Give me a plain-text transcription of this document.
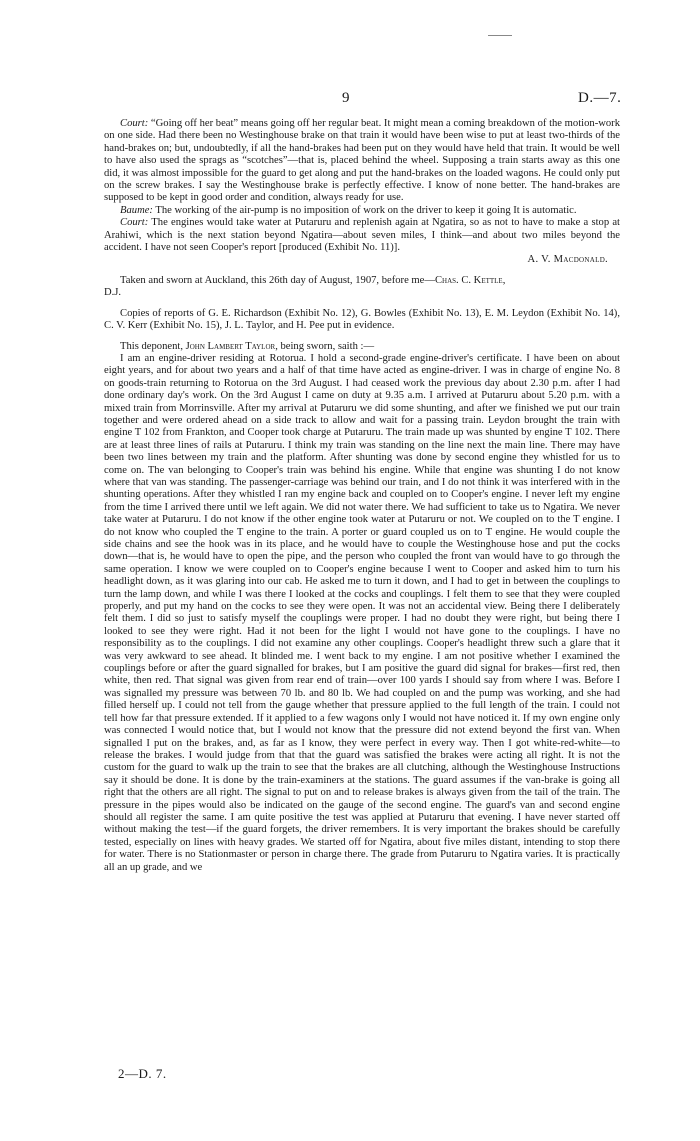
9	D.—7.

Court: “Going off her beat” means going off her regular beat. It might mean a coming breakdown of the motion-work on one side. Had there been no Westinghouse brake on that train it would have been wise to put at least two-thirds of the hand-brakes on; but, undoubtedly, if all the hand-brakes had been put on they would have held that train. It would be well to have also used the sprags as “scotches”—that is, placed behind the wheel. Supposing a train starts away as this one did, it was almost impossible for the guard to get along and put the hand-brakes on the loaded wagons. He could only put on the screw brakes. I say the Westinghouse brake is perfectly effective. I know of none better. The hand-brakes are supposed to be kept in good order and condition, always ready for use.

Baume: The working of the air-pump is no imposition of work on the driver to keep it going It is automatic.

Court: The engines would take water at Putaruru and replenish again at Ngatira, so as not to have to make a stop at Arahiwi, which is the next station beyond Ngatira—about seven miles, I think—and about two miles beyond the accident. I have not seen Cooper's report [produced (Exhibit No. 11)].
A. V. Macdonald.

Taken and sworn at Auckland, this 26th day of August, 1907, before me—Chas. C. Kettle,
D.J.

Copies of reports of G. E. Richardson (Exhibit No. 12), G. Bowles (Exhibit No. 13), E. M. Leydon (Exhibit No. 14), C. V. Kerr (Exhibit No. 15), J. L. Taylor, and H. Pee put in evidence.

This deponent, John Lambert Taylor, being sworn, saith :—

I am an engine-driver residing at Rotorua. I hold a second-grade engine-driver's certificate. I have been on about eight years, and for about two years and a half of that time have acted as engine-driver. I was in charge of engine No. 8 on goods-train returning to Rotorua on the 3rd August. I had ceased work the previous day about 2.30 p.m. after I had done ordinary day's work. On the 3rd August I came on duty at 9.35 a.m. I arrived at Putaruru about 5.20 p.m. with a mixed train from Morrinsville. After my arrival at Putaruru we did some shunting, and after we finished we put our train together and were ordered ahead on a side track to allow and wait for a passing train. Leydon brought the train with engine T 102 from Frankton, and Cooper took charge at Putaruru. The train made up was shunted by engine T 102. There are at least three lines of rails at Putaruru. I think my train was standing on the line next the main line. There may have been two lines between my train and the platform. After shunting was done by second engine they whistled for us to come on. The van belonging to Cooper's train was behind his engine. While that engine was shunting I do not know where that van was standing. The passenger-carriage was behind our train, and I do not think it was interfered with in the shunting operations. After they whistled I ran my engine back and coupled on to Cooper's engine. I never left my engine from the time I arrived there until we left again. We did not water there. We had sufficient to take us to Ngatira. We never take water at Putaruru. I do not know if the other engine took water at Putaruru or not. We coupled on to the T engine. I do not know who coupled the T engine to the train. A porter or guard coupled us on to T engine. He would couple the side chains and see the hook was in its place, and he would have to couple the Westinghouse hose and put the cocks down—that is, he would have to open the pipe, and the person who coupled the front van would have to go through the same operation. I know we were coupled on to Cooper's engine because I went to Cooper and asked him to turn his headlight down, as it was glaring into our cab. He asked me to turn it down, and I had to get in between the couplings to turn the lamp down, and while I was there I looked at the cocks and couplings. I felt them to see that they were coupled properly, and put my hand on the cocks to see they were open. It was not an accidental view. Being there I deliberately felt them. I did so just to satisfy myself the couplings were proper. I had no doubt they were right, but being there I looked to see they were right. Had it not been for the light I would not have gone to the couplings. I have no responsibility as to the couplings. I did not examine any other couplings. Cooper's headlight threw such a glare that it was very awkward to see ahead. It blinded me. I went back to my engine. I am not positive whether I examined the couplings before or after the guard signalled for brakes, but I am positive the guard did signal for brakes—first red, then white, then red. That signal was given from rear end of train—over 100 yards I should say from where I was. Before I was signalled my pressure was between 70 lb. and 80 lb. We had coupled on and the pump was working, and she had filled herself up. I could not tell from the gauge whether that pressure applied to the full length of the train. I could not tell how far that pressure extended. If it applied to a few wagons only I would not have noticed it. If my own engine only was connected I would notice that, but I would not know that the pressure did not extend beyond the first van. When signalled I put on the brakes, and, as far as I know, they were perfect in every way. Then I got white-red-white—to release the brakes. I would judge from that that the guard was satisfied the brakes were acting all right. It is not the custom for the guard to walk up the train to see that the brakes are all clutching, although the Westinghouse Instructions say it should be done. It is done by the train-examiners at the stations. The guard assumes if the van-brake is going all right that the others are all right. The signal to put on and to release brakes is always given from the tail of the train. The pressure in the pipes would also be indicated on the gauge of the second engine. The guard's van and second engine should all register the same. I am quite positive the test was applied at Putaruru that evening. I have never started off without making the test—if the guard forgets, the driver remembers. It is very important the brakes should be carefully tested, especially on lines with heavy grades. We started off for Ngatira, about five miles distant, intending to stop there for water. There is no Stationmaster or person in charge there. The grade from Putaruru to Ngatira varies. It is practically all an up grade, and we

2—D. 7.
